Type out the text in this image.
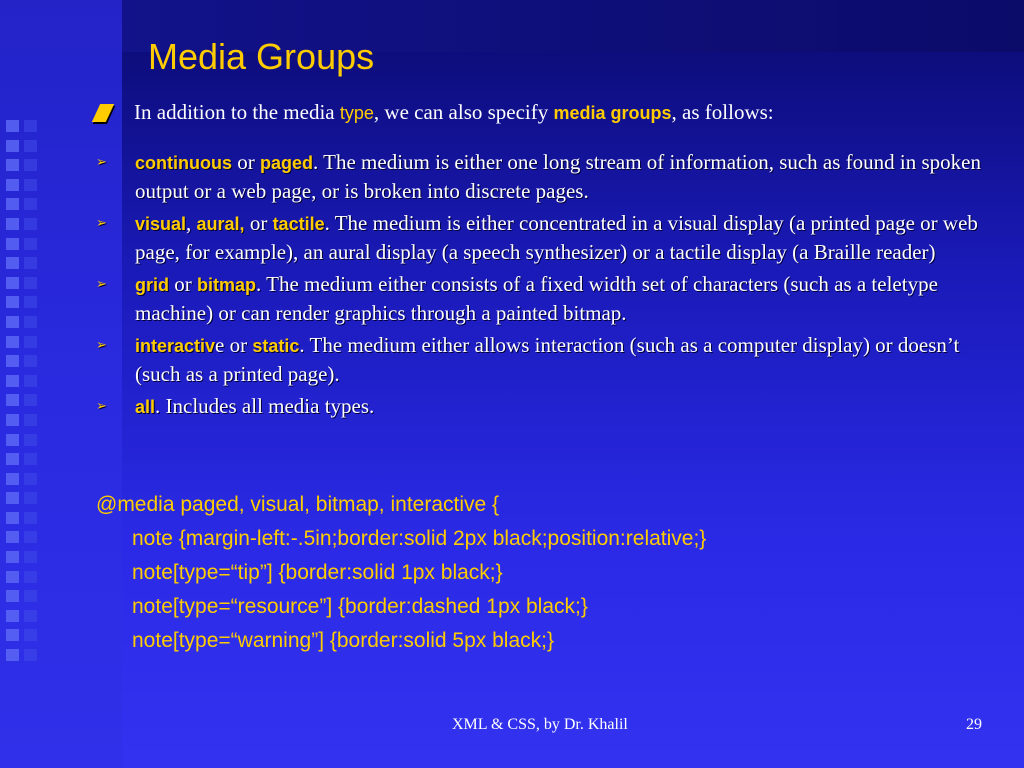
Media Groups
In addition to the media type, we can also specify media groups, as follows:
➢ continuous or paged. The medium is either one long stream of information, such as found in spoken output or a web page, or is broken into discrete pages.
➢ visual, aural, or tactile. The medium is either concentrated in a visual display (a printed page or web page, for example), an aural display (a speech synthesizer) or a tactile display (a Braille reader)
➢ grid or bitmap. The medium either consists of a fixed width set of characters (such as a teletype machine) or can render graphics through a painted bitmap.
➢ interactive or static. The medium either allows interaction (such as a computer display) or doesn’t (such as a printed page).
➢ all. Includes all media types.
@media paged, visual, bitmap, interactive {
note {margin-left:-.5in;border:solid 2px black;position:relative;}
note[type=“tip”] {border:solid 1px black;}
note[type=“resource”] {border:dashed 1px black;}
note[type=“warning”] {border:solid 5px black;}
XML & CSS, by Dr. Khalil	29
